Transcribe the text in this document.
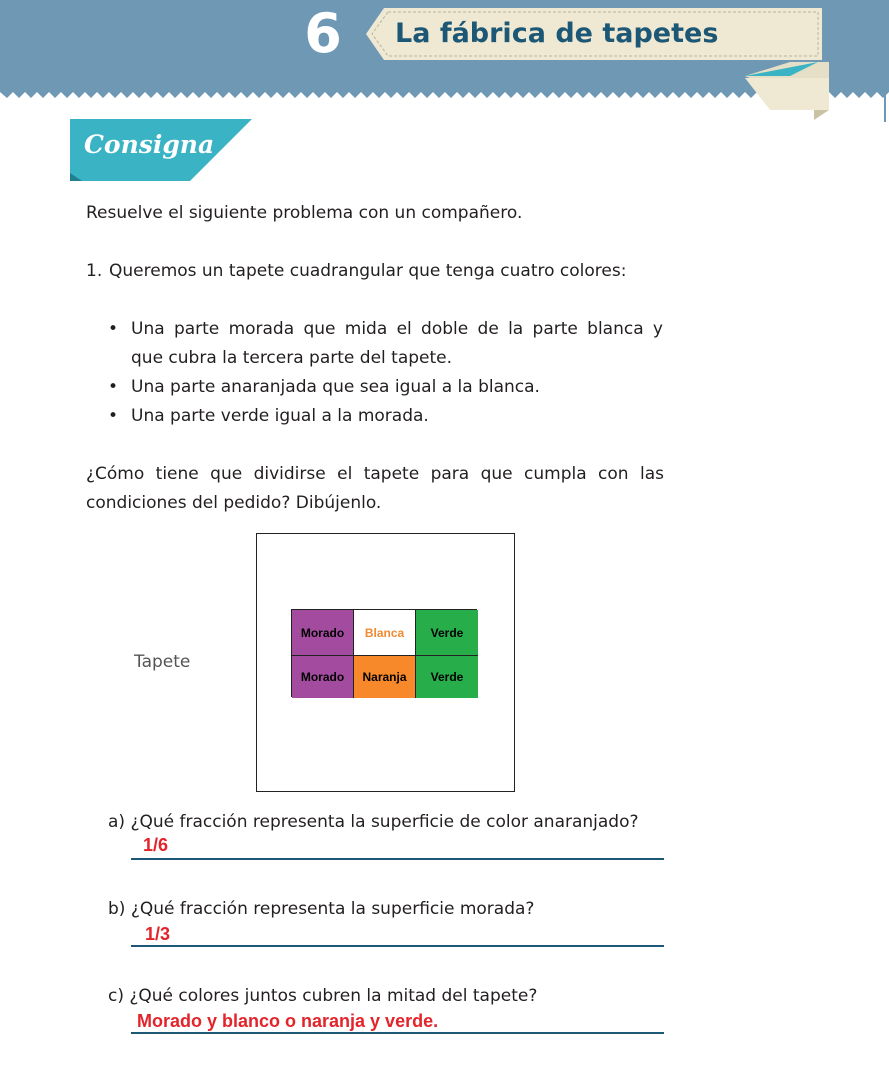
6 La fábrica de tapetes
Consigna
Resuelve el siguiente problema con un compañero.
1. Queremos un tapete cuadrangular que tenga cuatro colores:
• Una parte morada que mida el doble de la parte blanca y
que cubra la tercera parte del tapete.
• Una parte anaranjada que sea igual a la blanca.
• Una parte verde igual a la morada.
¿Cómo tiene que dividirse el tapete para que cumpla con las
condiciones del pedido? Dibújenlo.
Tapete
Morado	Blanca	Verde
Morado	Naranja	Verde
a) ¿Qué fracción representa la superficie de color anaranjado?
1/6
b) ¿Qué fracción representa la superficie morada?
1/3
c) ¿Qué colores juntos cubren la mitad del tapete?
Morado y blanco o naranja y verde.
